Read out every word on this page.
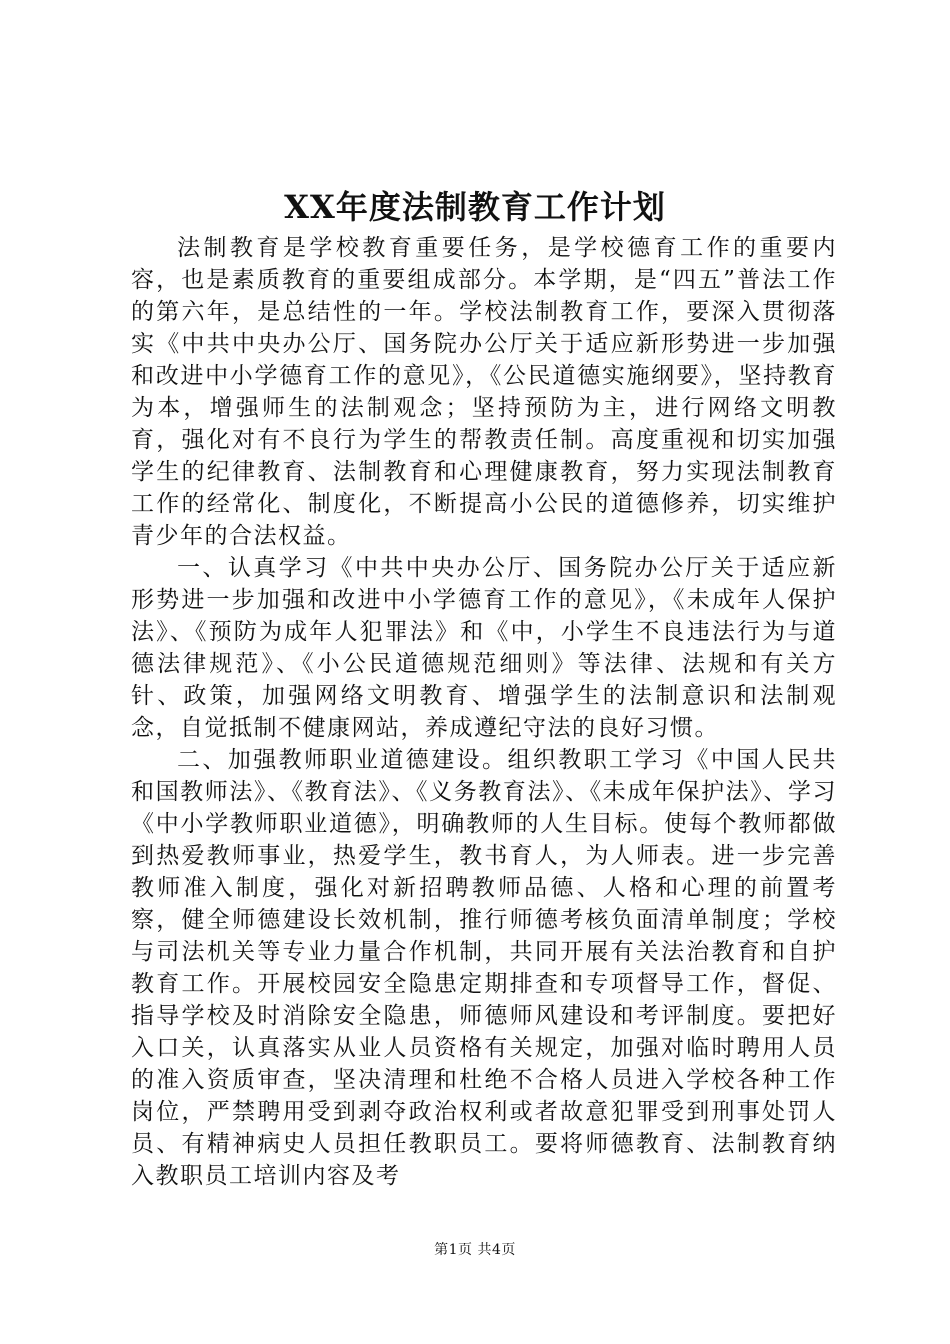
XX年度法制教育工作计划

法制教育是学校教育重要任务，是学校德育工作的重要内容，也是素质教育的重要组成部分。本学期，是“四五”普法工作的第六年，是总结性的一年。学校法制教育工作，要深入贯彻落实《中共中央办公厅、国务院办公厅关于适应新形势进一步加强和改进中小学德育工作的意见》，《公民道德实施纲要》，坚持教育为本，增强师生的法制观念；坚持预防为主，进行网络文明教育，强化对有不良行为学生的帮教责任制。高度重视和切实加强学生的纪律教育、法制教育和心理健康教育，努力实现法制教育工作的经常化、制度化，不断提高小公民的道德修养，切实维护青少年的合法权益。

一、认真学习《中共中央办公厅、国务院办公厅关于适应新形势进一步加强和改进中小学德育工作的意见》，《未成年人保护法》、《预防为成年人犯罪法》和《中，小学生不良违法行为与道德法律规范》、《小公民道德规范细则》等法律、法规和有关方针、政策，加强网络文明教育、增强学生的法制意识和法制观念，自觉抵制不健康网站，养成遵纪守法的良好习惯。

二、加强教师职业道德建设。组织教职工学习《中国人民共和国教师法》、《教育法》、《义务教育法》、《未成年保护法》、学习《中小学教师职业道德》，明确教师的人生目标。使每个教师都做到热爱教师事业，热爱学生，教书育人，为人师表。进一步完善教师准入制度，强化对新招聘教师品德、人格和心理的前置考察，健全师德建设长效机制，推行师德考核负面清单制度；学校与司法机关等专业力量合作机制，共同开展有关法治教育和自护教育工作。开展校园安全隐患定期排查和专项督导工作，督促、指导学校及时消除安全隐患，师德师风建设和考评制度。要把好入口关，认真落实从业人员资格有关规定，加强对临时聘用人员的准入资质审查，坚决清理和杜绝不合格人员进入学校各种工作岗位，严禁聘用受到剥夺政治权利或者故意犯罪受到刑事处罚人员、有精神病史人员担任教职员工。要将师德教育、法制教育纳入教职员工培训内容及考

第1页 共4页
